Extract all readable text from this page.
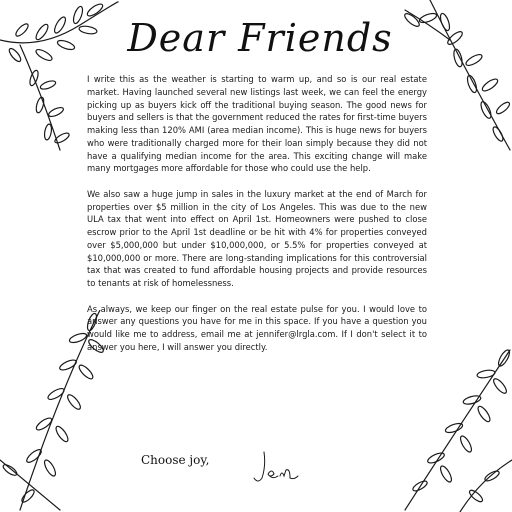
Dear Friends

I write this as the weather is starting to warm up, and so is our real estate market. Having launched several new listings last week, we can feel the energy picking up as buyers kick off the traditional buying season. The good news for buyers and sellers is that the government reduced the rates for first-time buyers making less than 120% AMI (area median income). This is huge news for buyers who were traditionally charged more for their loan simply because they did not have a qualifying median income for the area. This exciting change will make many mortgages more affordable for those who could use the help.

We also saw a huge jump in sales in the luxury market at the end of March for properties over $5 million in the city of Los Angeles. This was due to the new ULA tax that went into effect on April 1st. Homeowners were pushed to close escrow prior to the April 1st deadline or be hit with 4% for properties conveyed over $5,000,000 but under $10,000,000, or 5.5% for properties conveyed at $10,000,000 or more. There are long-standing implications for this controversial tax that was created to fund affordable housing projects and provide resources to tenants at risk of homelessness.

As always, we keep our finger on the real estate pulse for you. I would love to answer any questions you have for me in this space. If you have a question you would like me to address, email me at jennifer@lrgla.com. If I don't select it to answer you here, I will answer you directly.

Choose joy,
